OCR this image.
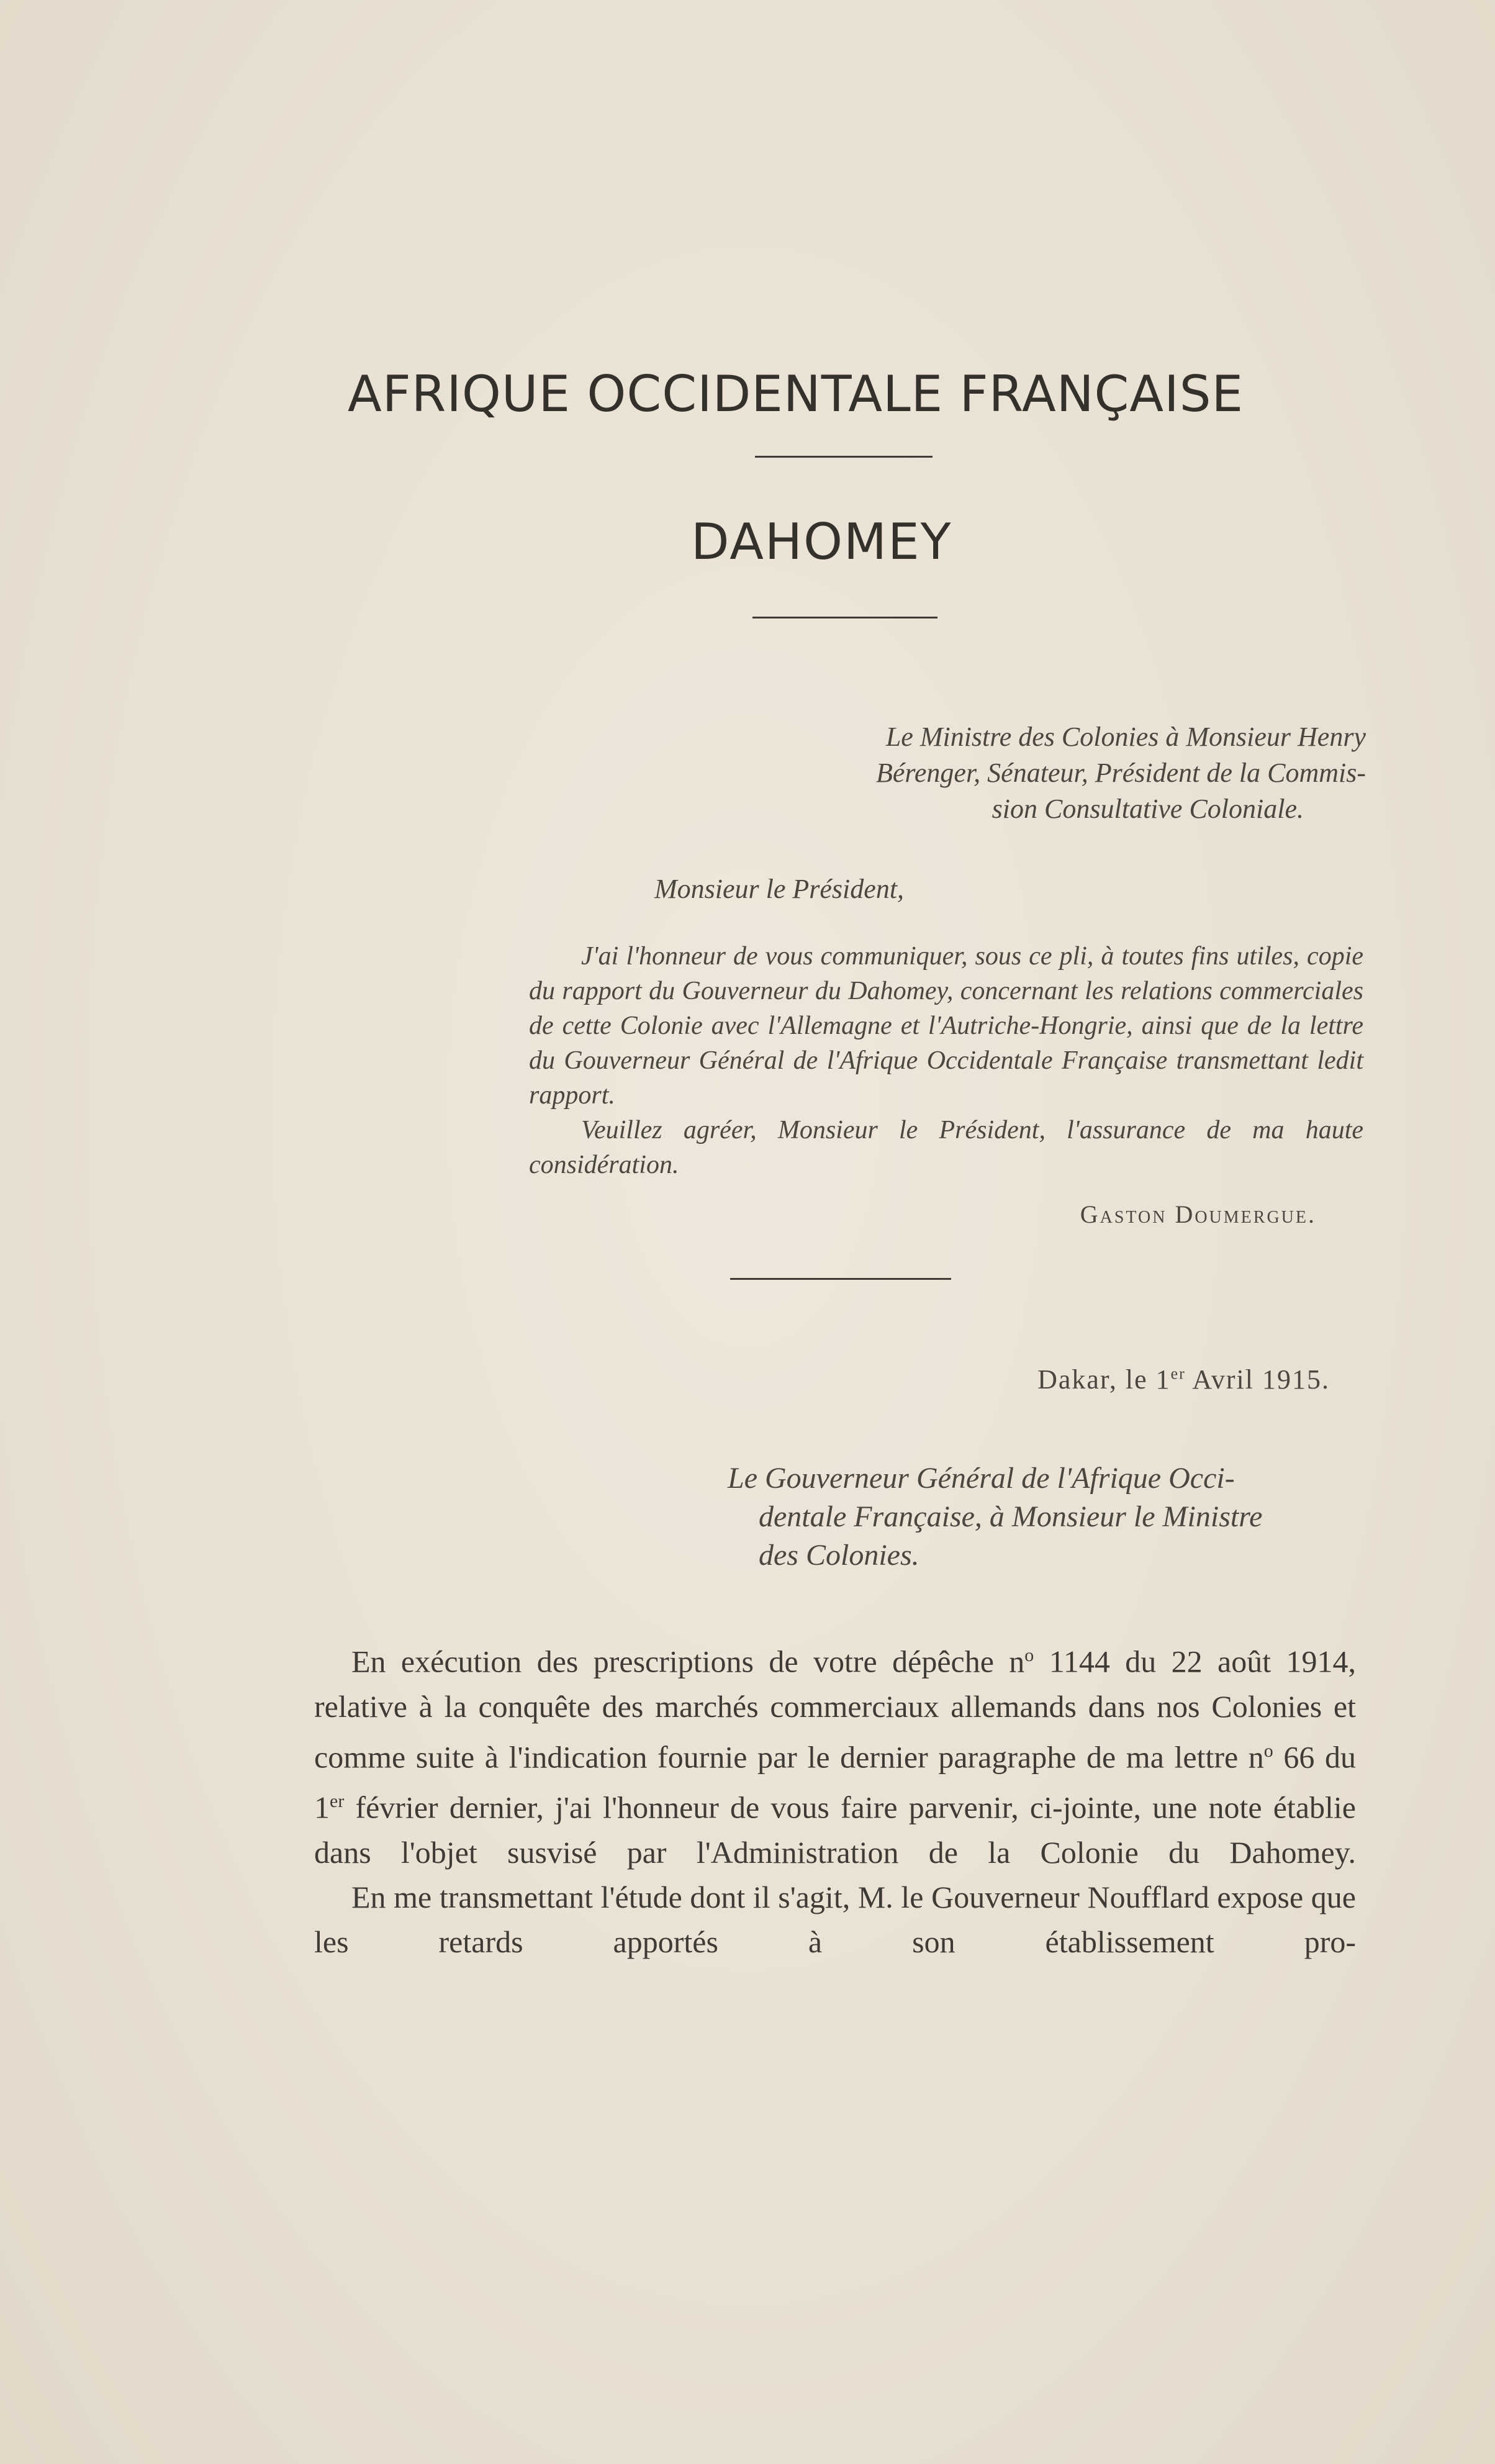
AFRIQUE OCCIDENTALE FRANÇAISE
DAHOMEY
Le Ministre des Colonies à Monsieur Henry
Bérenger, Sénateur, Président de la Commis-
sion Consultative Coloniale.
Monsieur le Président,

J'ai l'honneur de vous communiquer, sous ce pli, à toutes fins utiles, copie du rapport du Gouverneur du Dahomey, concernant les relations commerciales de cette Colonie avec l'Allemagne et l'Autriche-Hongrie, ainsi que de la lettre du Gouverneur Général de l'Afrique Occidentale Française transmettant ledit rapport.

Veuillez agréer, Monsieur le Président, l'assurance de ma haute considération.

Gaston Doumergue.
Dakar, le 1er Avril 1915.
Le Gouverneur Général de l'Afrique Occi-
dentale Française, à Monsieur le Ministre
des Colonies.

En exécution des prescriptions de votre dépêche $n^o$ 1144 du 22 août 1914, relative à la conquête des marchés commerciaux allemands dans nos Colonies et comme suite à l'indication fournie par le dernier paragraphe de ma lettre $n^o$ 66 du 1er février dernier, j'ai l'honneur de vous faire parvenir, ci-jointe, une note établie dans l'objet susvisé par l'Administration de la Colonie du Dahomey.

En me transmettant l'étude dont il s'agit, M. le Gouverneur Noufflard expose que les retards apportés à son établissement pro-
